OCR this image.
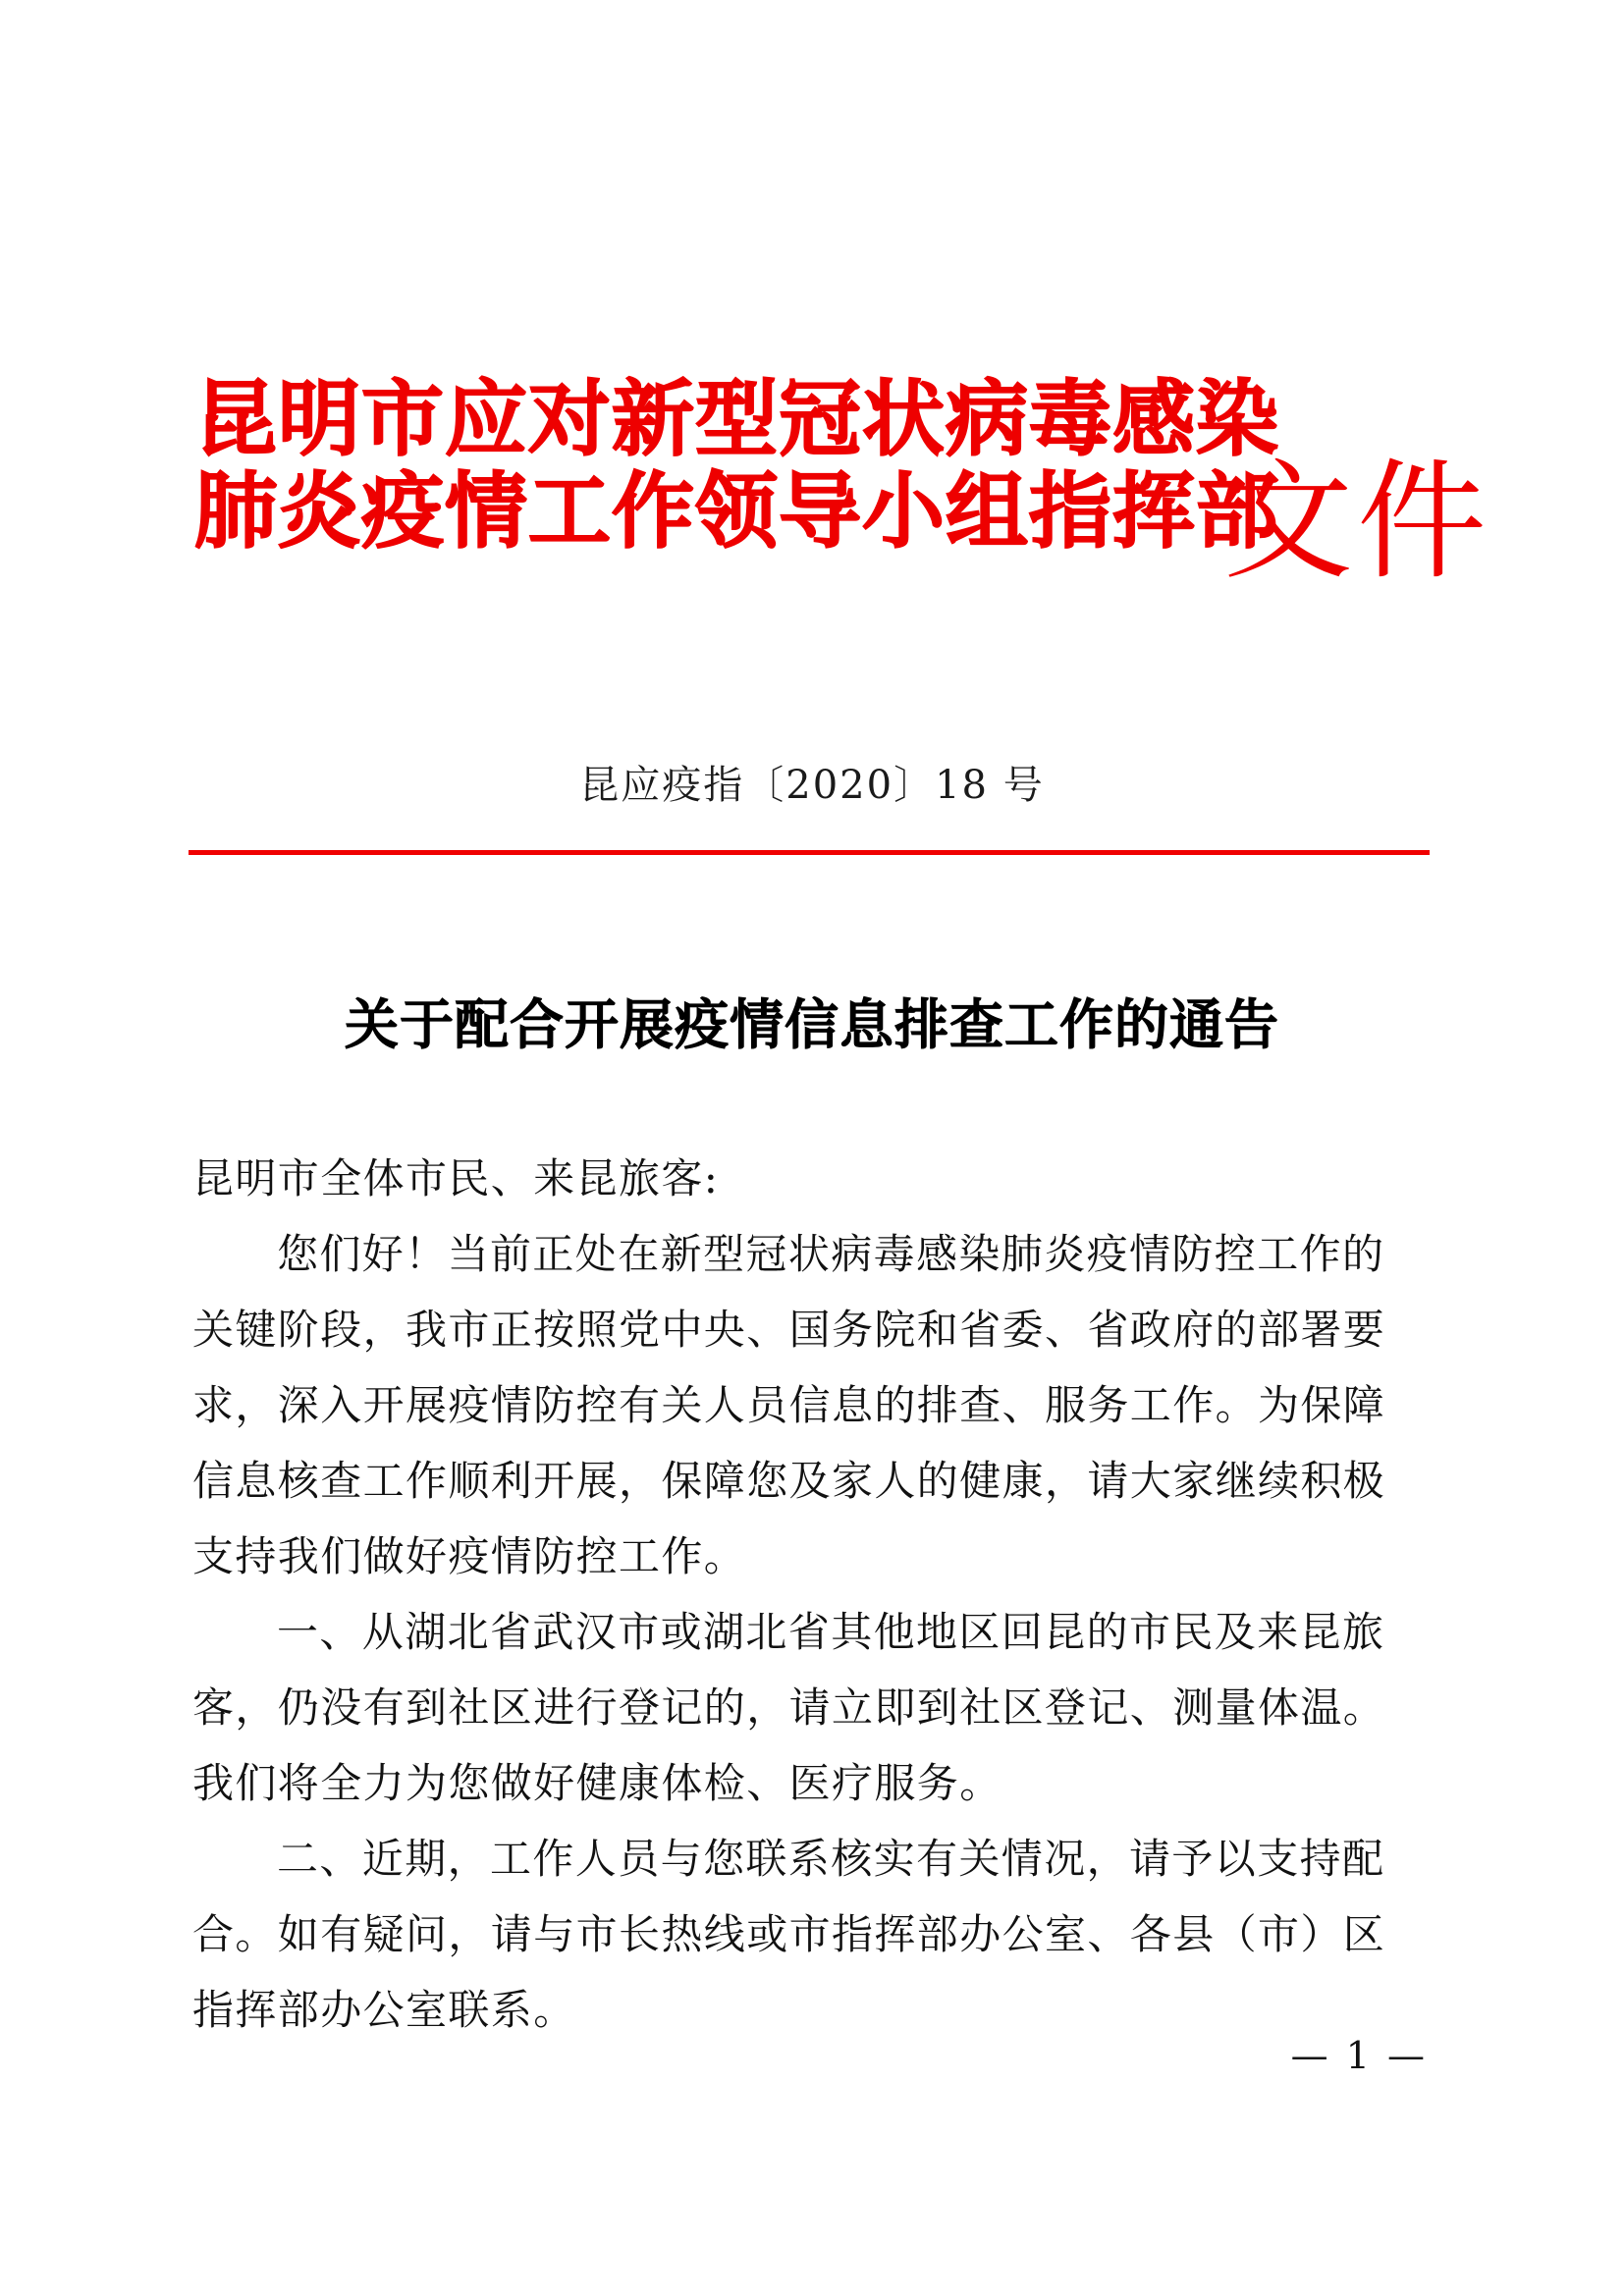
昆明市应对新型冠状病毒感染
肺炎疫情工作领导小组指挥部
文件
昆应疫指〔2020〕18 号
关于配合开展疫情信息排查工作的通告
昆明市全体市民、来昆旅客:
您们好！当前正处在新型冠状病毒感染肺炎疫情防控工作的
关键阶段，我市正按照党中央、国务院和省委、省政府的部署要
求，深入开展疫情防控有关人员信息的排查、服务工作。为保障
信息核查工作顺利开展，保障您及家人的健康，请大家继续积极
支持我们做好疫情防控工作。
一、从湖北省武汉市或湖北省其他地区回昆的市民及来昆旅
客，仍没有到社区进行登记的，请立即到社区登记、测量体温。
我们将全力为您做好健康体检、医疗服务。
二、近期，工作人员与您联系核实有关情况，请予以支持配
合。如有疑问，请与市长热线或市指挥部办公室、各县（市）区
指挥部办公室联系。
— 1 —
